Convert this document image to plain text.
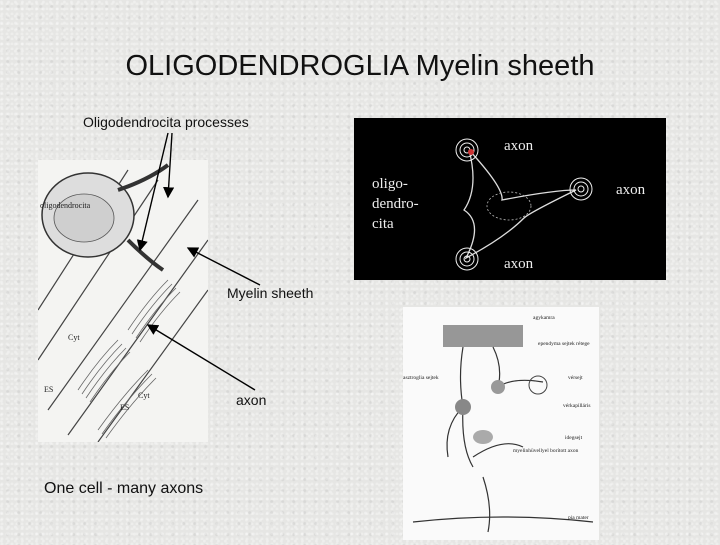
OLIGODENDROGLIA Myelin sheeth
oligodendrocita
Cyt
ES
Cyt
ES
oligo-
dendro-
cita
axon
axon
axon
agykamra
ependyma sejtek rétege
asztroglia sejtek	vérsejt
vérkapilláris
idegsejt
myelinhüvellyel borított axon
pia mater
Oligodendrocita processes
Myelin sheeth
axon
One cell - many axons
